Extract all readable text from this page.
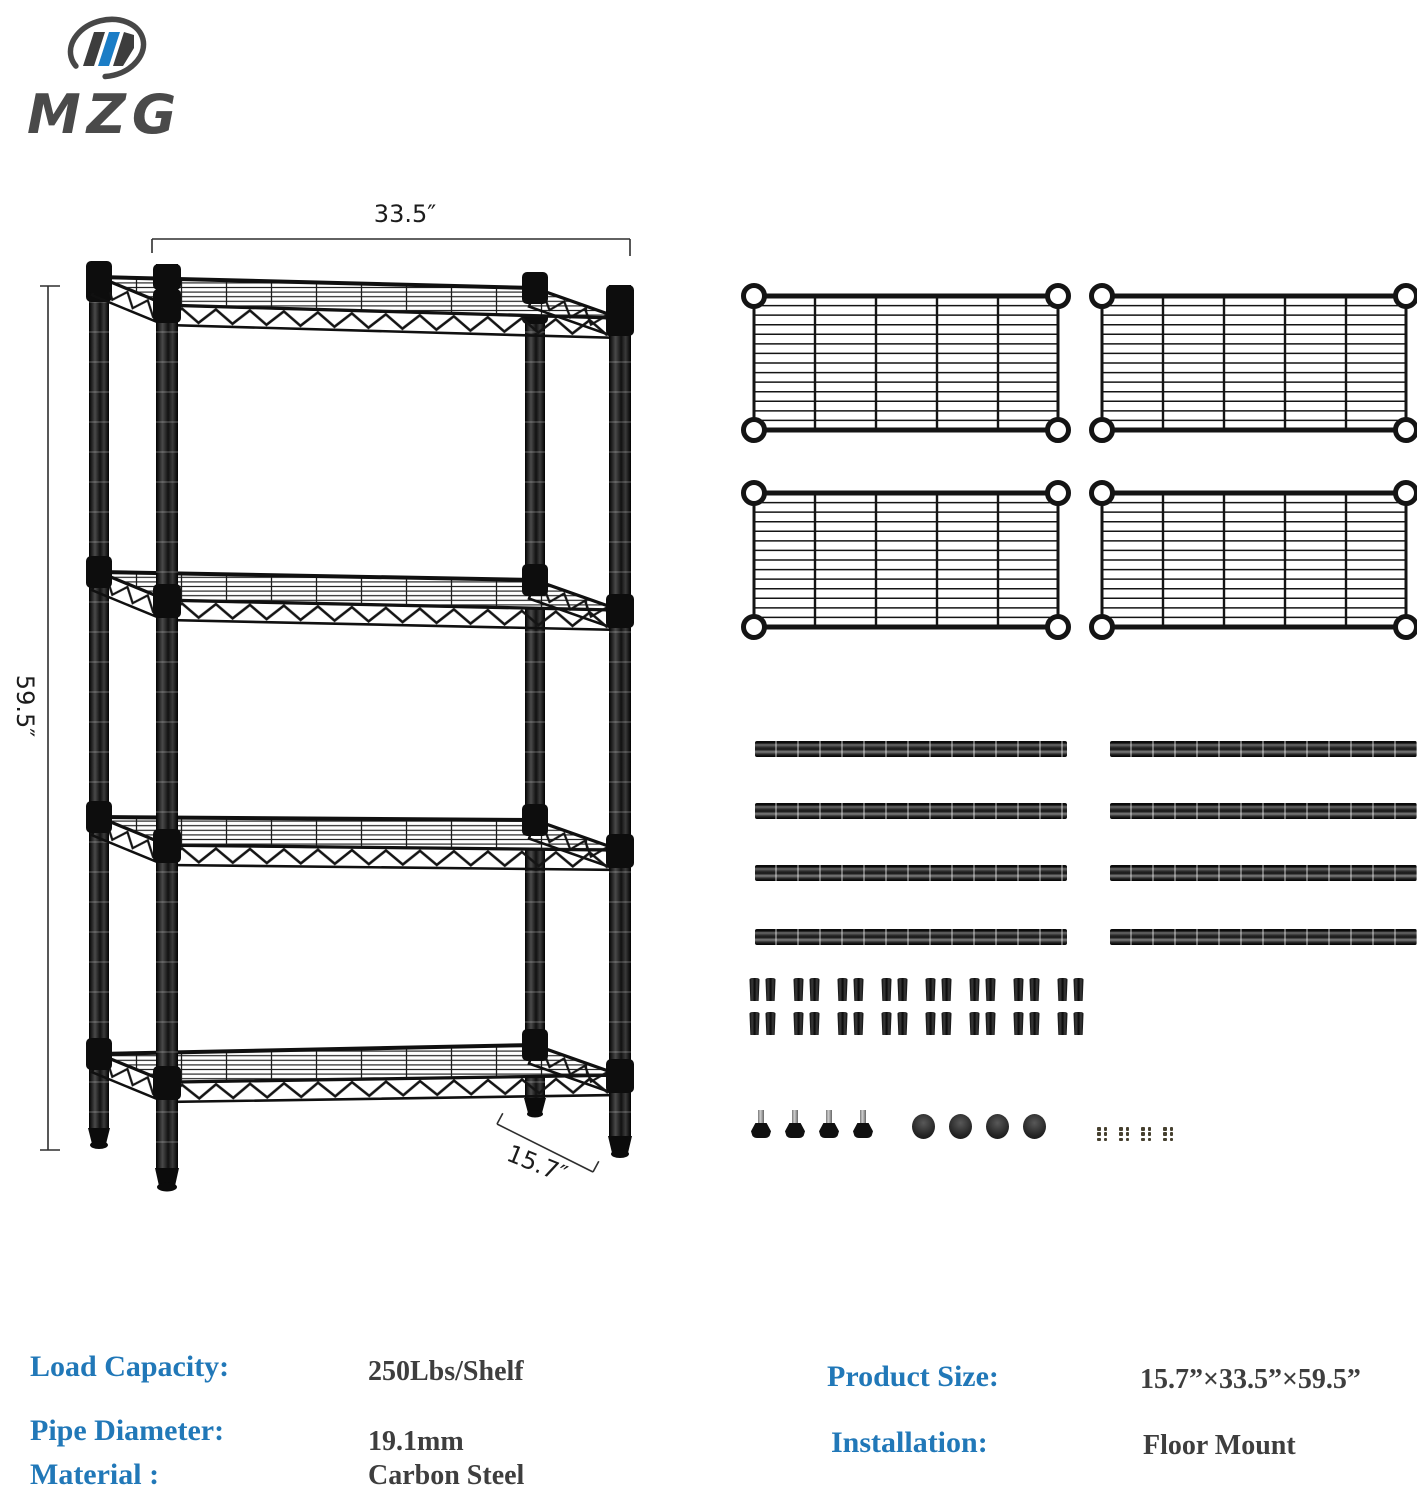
MZG
33.5″
59.5″
15.7″
Load Capacity:	250Lbs/Shelf
Pipe Diameter:	19.1mm
Material :	Carbon Steel
Product Size:	15.7”×33.5”×59.5”
Installation:	Floor Mount
